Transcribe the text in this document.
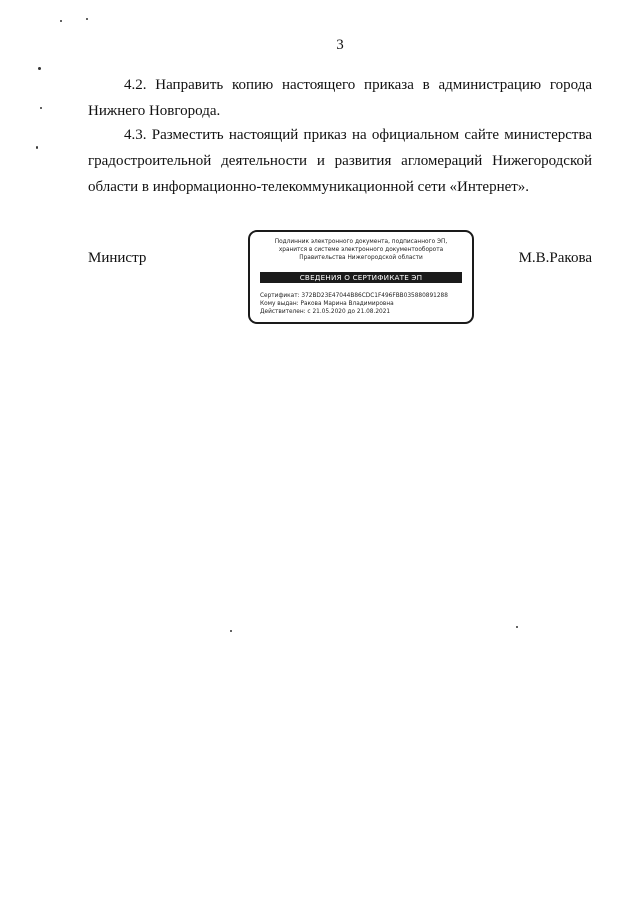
3
4.2. Направить копию настоящего приказа в администрацию города Нижнего Новгорода.
4.3. Разместить настоящий приказ на официальном сайте министерства градостроительной деятельности и развития агломераций Нижегородской области в информационно-телекоммуникационной сети «Интернет».
Министр	М.В.Ракова
Подлинник электронного документа, подписанного ЭП,
хранится в системе электронного документооборота
Правительства Нижегородской области
СВЕДЕНИЯ О СЕРТИФИКАТЕ ЭП
Сертификат: 372BD23E47044B86CDC1F496FBB035880891288
Кому выдан: Ракова Марина Владимировна
Действителен: с 21.05.2020 до 21.08.2021
